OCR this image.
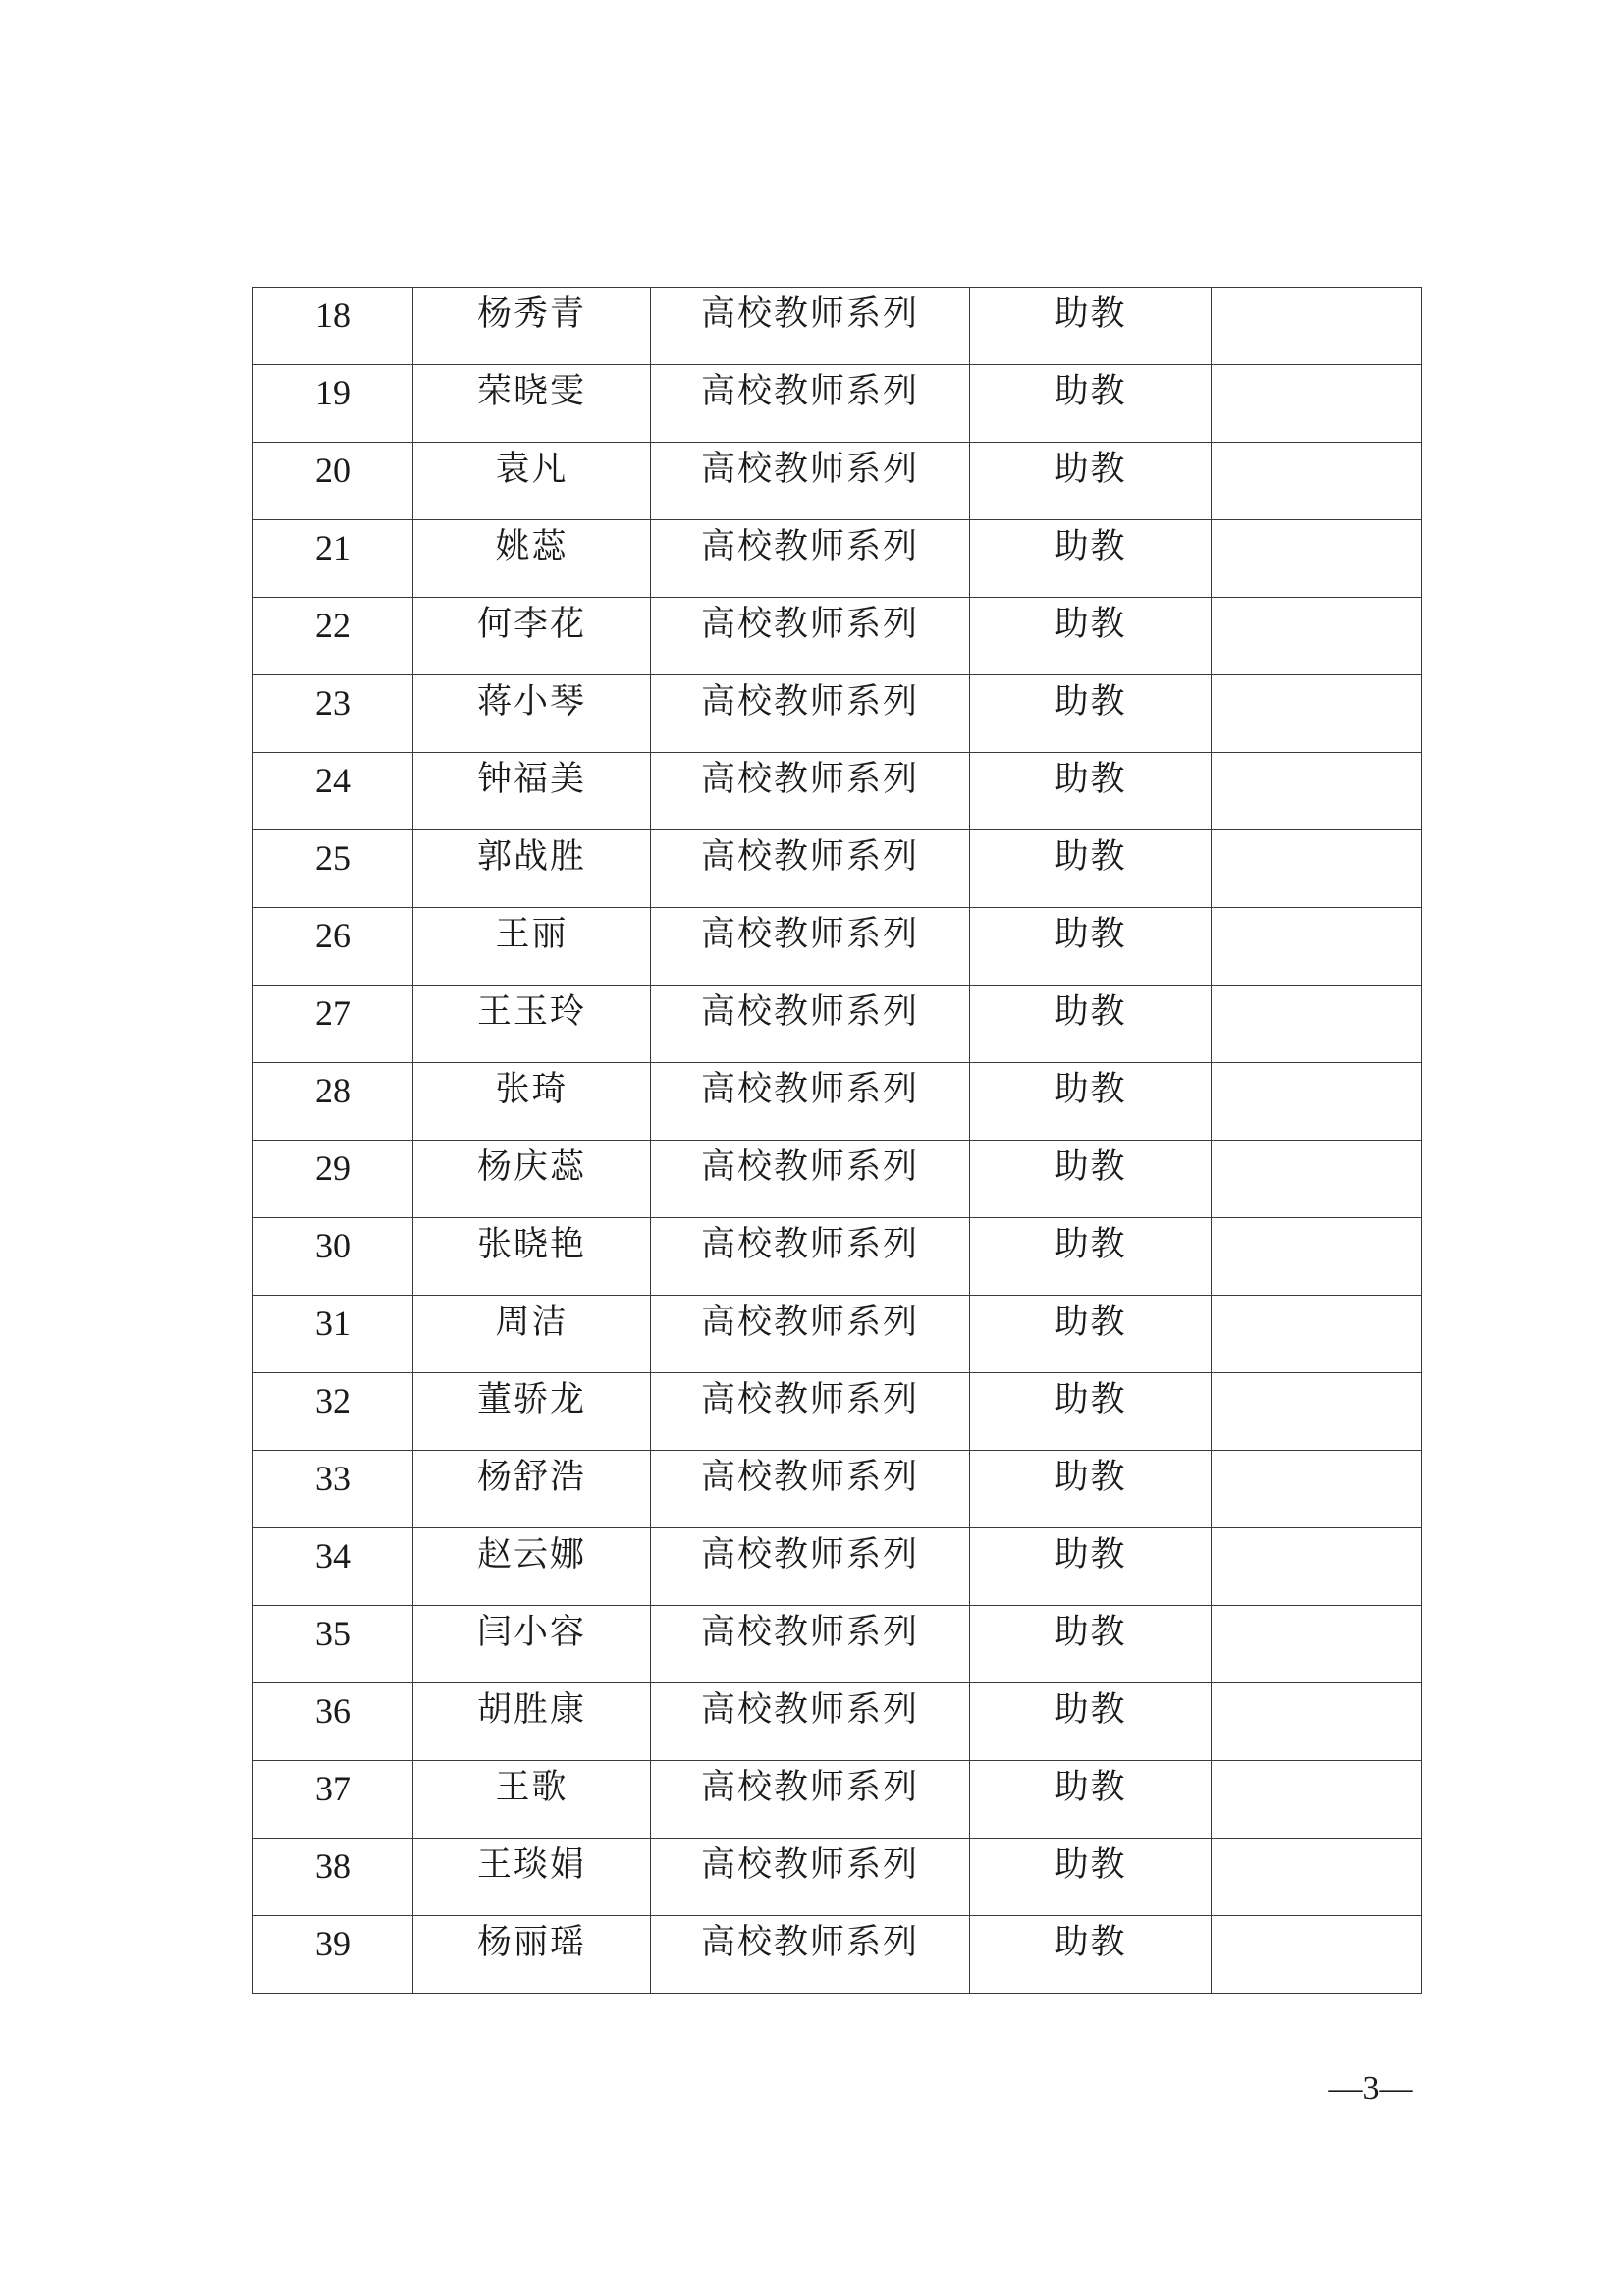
18	杨秀青	高校教师系列	助教	
19	荣晓雯	高校教师系列	助教	
20	袁凡	高校教师系列	助教	
21	姚蕊	高校教师系列	助教	
22	何李花	高校教师系列	助教	
23	蒋小琴	高校教师系列	助教	
24	钟福美	高校教师系列	助教	
25	郭战胜	高校教师系列	助教	
26	王丽	高校教师系列	助教	
27	王玉玲	高校教师系列	助教	
28	张琦	高校教师系列	助教	
29	杨庆蕊	高校教师系列	助教	
30	张晓艳	高校教师系列	助教	
31	周洁	高校教师系列	助教	
32	董骄龙	高校教师系列	助教	
33	杨舒浩	高校教师系列	助教	
34	赵云娜	高校教师系列	助教	
35	闫小容	高校教师系列	助教	
36	胡胜康	高校教师系列	助教	
37	王歌	高校教师系列	助教	
38	王琰娟	高校教师系列	助教	
39	杨丽瑶	高校教师系列	助教	
—3—
